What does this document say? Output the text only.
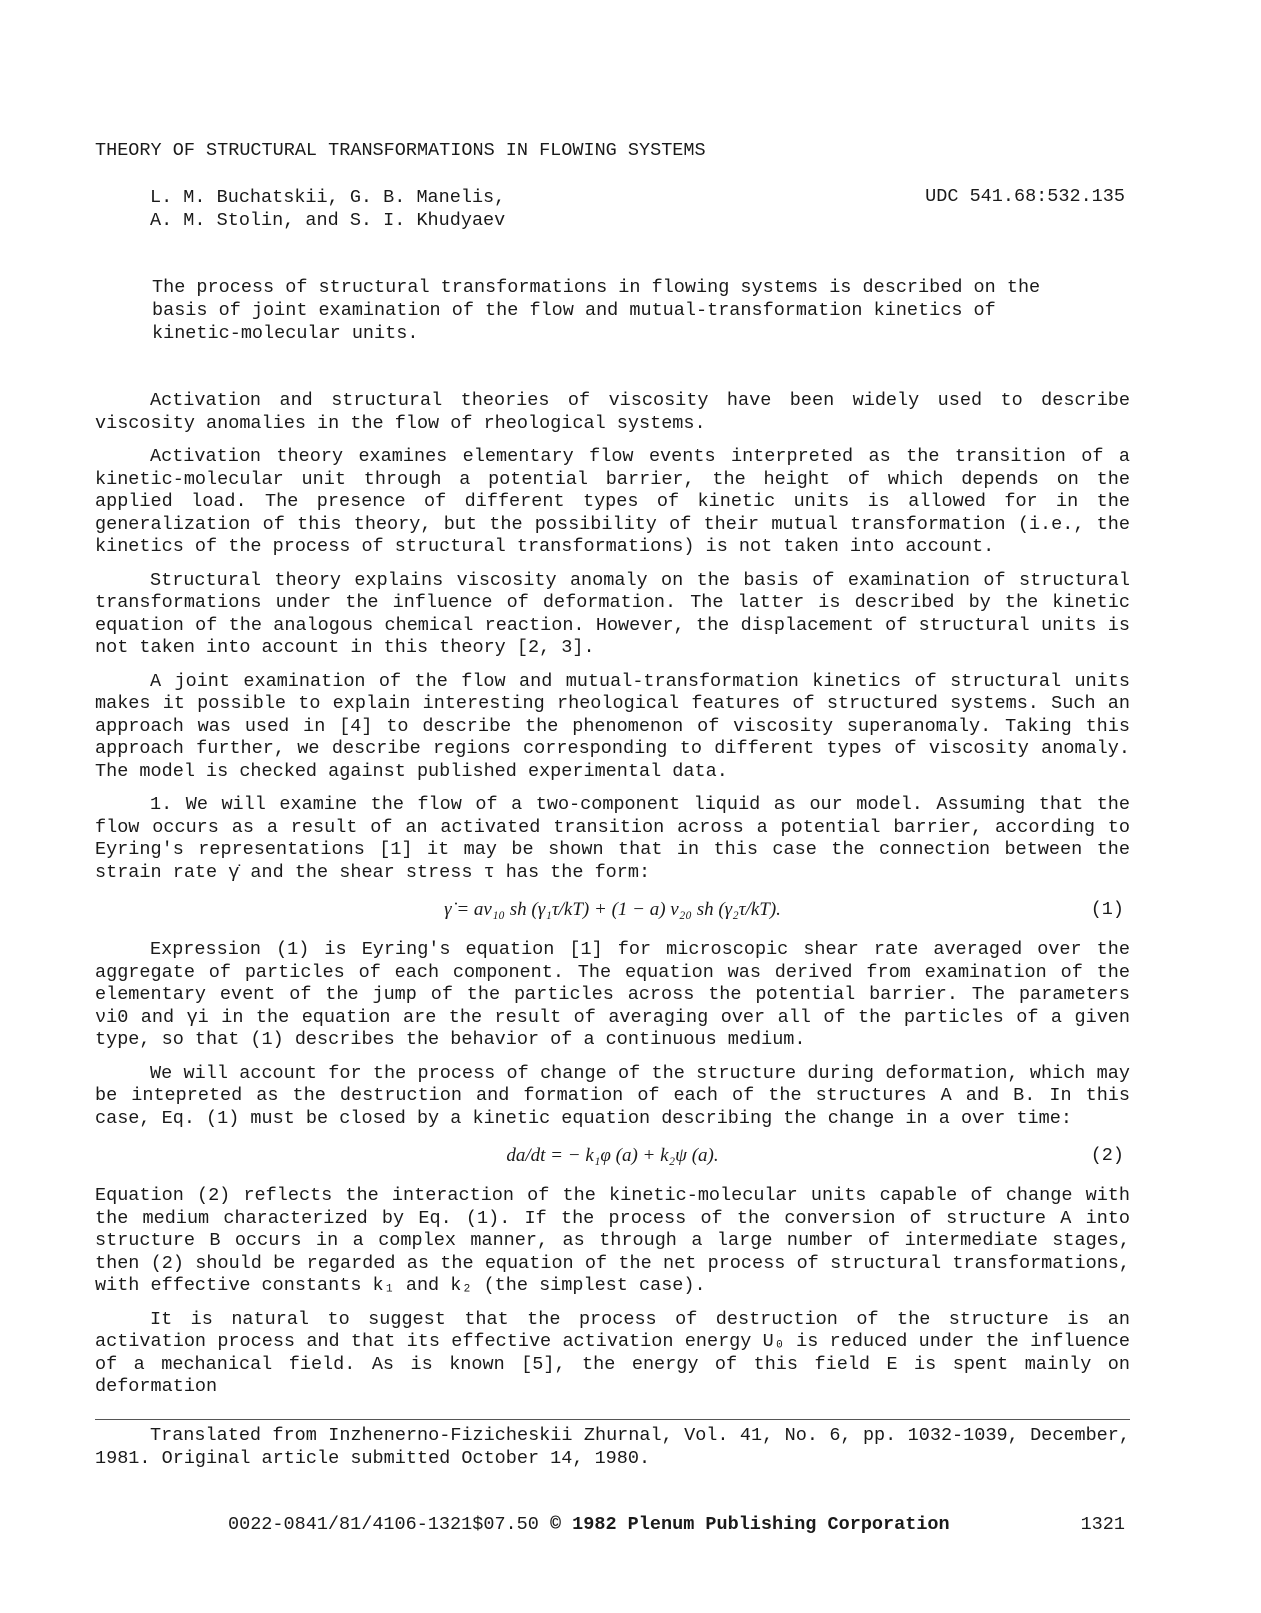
THEORY OF STRUCTURAL TRANSFORMATIONS IN FLOWING SYSTEMS
L. M. Buchatskii, G. B. Manelis,
A. M. Stolin, and S. I. Khudyaev
UDC 541.68:532.135
The process of structural transformations in flowing systems is described on the basis of joint examination of the flow and mutual-transformation kinetics of kinetic-molecular units.

Activation and structural theories of viscosity have been widely used to describe viscosity anomalies in the flow of rheological systems.

Activation theory examines elementary flow events interpreted as the transition of a kinetic-molecular unit through a potential barrier, the height of which depends on the applied load. The presence of different types of kinetic units is allowed for in the generalization of this theory, but the possibility of their mutual transformation (i.e., the kinetics of the process of structural transformations) is not taken into account.

Structural theory explains viscosity anomaly on the basis of examination of structural transformations under the influence of deformation. The latter is described by the kinetic equation of the analogous chemical reaction. However, the displacement of structural units is not taken into account in this theory [2, 3].

A joint examination of the flow and mutual-transformation kinetics of structural units makes it possible to explain interesting rheological features of structured systems. Such an approach was used in [4] to describe the phenomenon of viscosity superanomaly. Taking this approach further, we describe regions corresponding to different types of viscosity anomaly. The model is checked against published experimental data.

1. We will examine the flow of a two-component liquid as our model. Assuming that the flow occurs as a result of an activated transition across a potential barrier, according to Eyring's representations [1] it may be shown that in this case the connection between the strain rate γ̇ and the shear stress τ has the form:

γ̇ = aν₁₀ sh (γ₁τ/kT) + (1 − a) ν₂₀ sh (γ₂τ/kT).	(1)

Expression (1) is Eyring's equation [1] for microscopic shear rate averaged over the aggregate of particles of each component. The equation was derived from examination of the elementary event of the jump of the particles across the potential barrier. The parameters νi0 and γi in the equation are the result of averaging over all of the particles of a given type, so that (1) describes the behavior of a continuous medium.

We will account for the process of change of the structure during deformation, which may be intepreted as the destruction and formation of each of the structures A and B. In this case, Eq. (1) must be closed by a kinetic equation describing the change in a over time:

da/dt = − k₁φ (a) + k₂ψ (a).	(2)

Equation (2) reflects the interaction of the kinetic-molecular units capable of change with the medium characterized by Eq. (1). If the process of the conversion of structure A into structure B occurs in a complex manner, as through a large number of intermediate stages, then (2) should be regarded as the equation of the net process of structural transformations, with effective constants k₁ and k₂ (the simplest case).

It is natural to suggest that the process of destruction of the structure is an activation process and that its effective activation energy U₀ is reduced under the influence of a mechanical field. As is known [5], the energy of this field E is spent mainly on deformation

Translated from Inzhenerno-Fizicheskii Zhurnal, Vol. 41, No. 6, pp. 1032-1039, December, 1981. Original article submitted October 14, 1980.

0022-0841/81/4106-1321$07.50 © 1982 Plenum Publishing Corporation	1321
